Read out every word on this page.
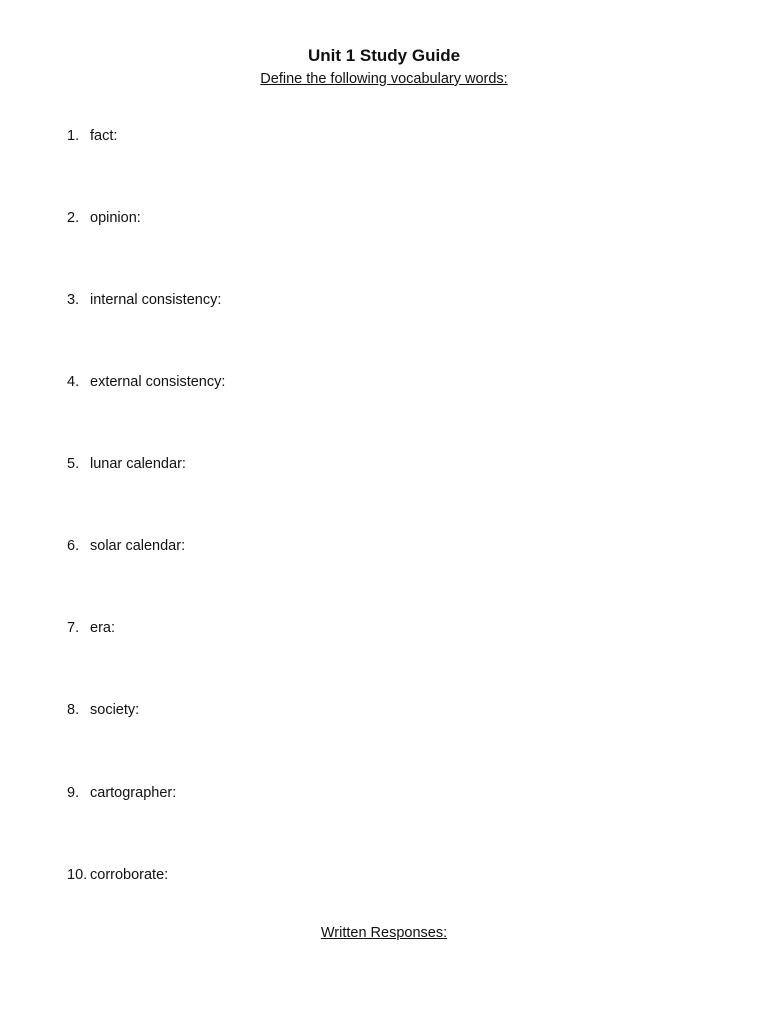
Unit 1 Study Guide
Define the following vocabulary words:
1. fact:
2. opinion:
3. internal consistency:
4. external consistency:
5. lunar calendar:
6. solar calendar:
7. era:
8. society:
9. cartographer:
10. corroborate:
Written Responses:
